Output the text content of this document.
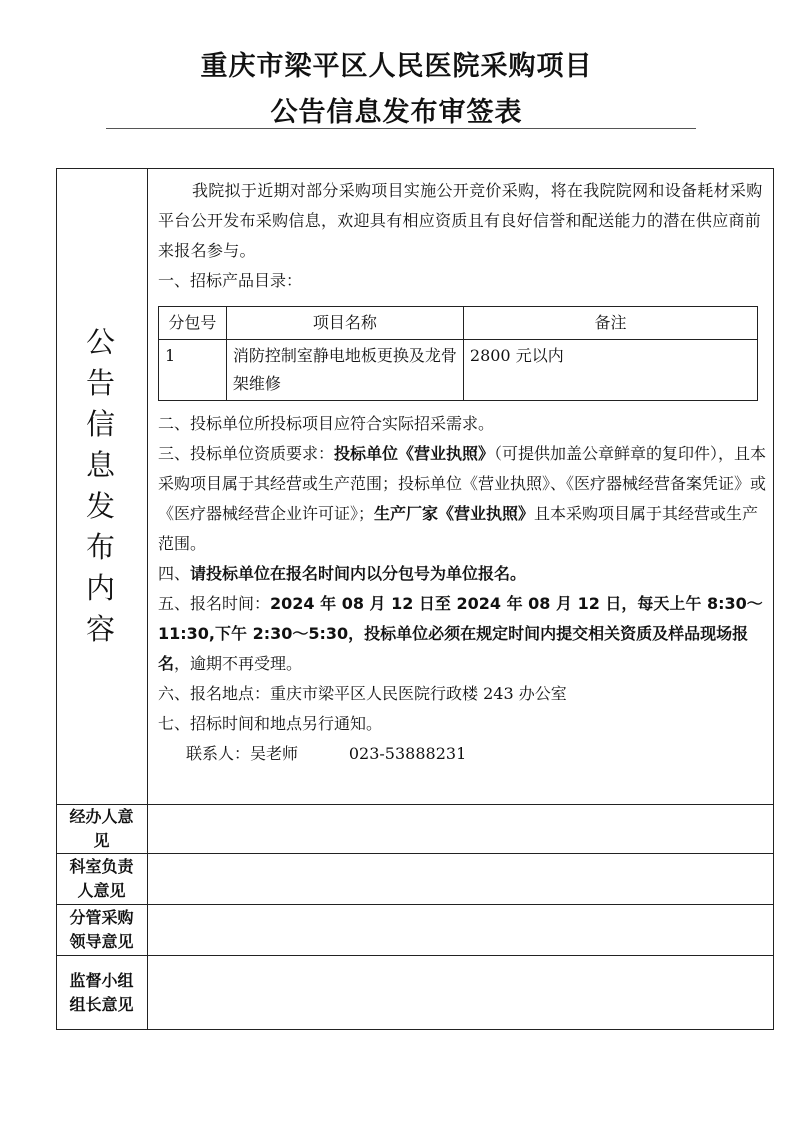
重庆市梁平区人民医院采购项目
公告信息发布审签表
公告信息发布内容
我院拟于近期对部分采购项目实施公开竞价采购，将在我院院网和设备耗材采购平台公开发布采购信息，欢迎具有相应资质且有良好信誉和配送能力的潜在供应商前来报名参与。
一、招标产品目录：
分包号	项目名称	备注
1	消防控制室静电地板更换及龙骨架维修	2800 元以内
二、投标单位所投标项目应符合实际招采需求。
三、投标单位资质要求：投标单位《营业执照》（可提供加盖公章鲜章的复印件），且本采购项目属于其经营或生产范围；投标单位《营业执照》、《医疗器械经营备案凭证》或《医疗器械经营企业许可证》；生产厂家《营业执照》且本采购项目属于其经营或生产范围。
四、请投标单位在报名时间内以分包号为单位报名。
五、报名时间：2024 年 08 月 12 日至 2024 年 08 月 12 日，每天上午 8:30～11:30,下午 2:30～5:30，投标单位必须在规定时间内提交相关资质及样品现场报名，逾期不再受理。
六、报名地点：重庆市梁平区人民医院行政楼 243 办公室
七、招标时间和地点另行通知。
联系人：吴老师          023-53888231
经办人意见
科室负责人意见
分管采购领导意见
监督小组组长意见
